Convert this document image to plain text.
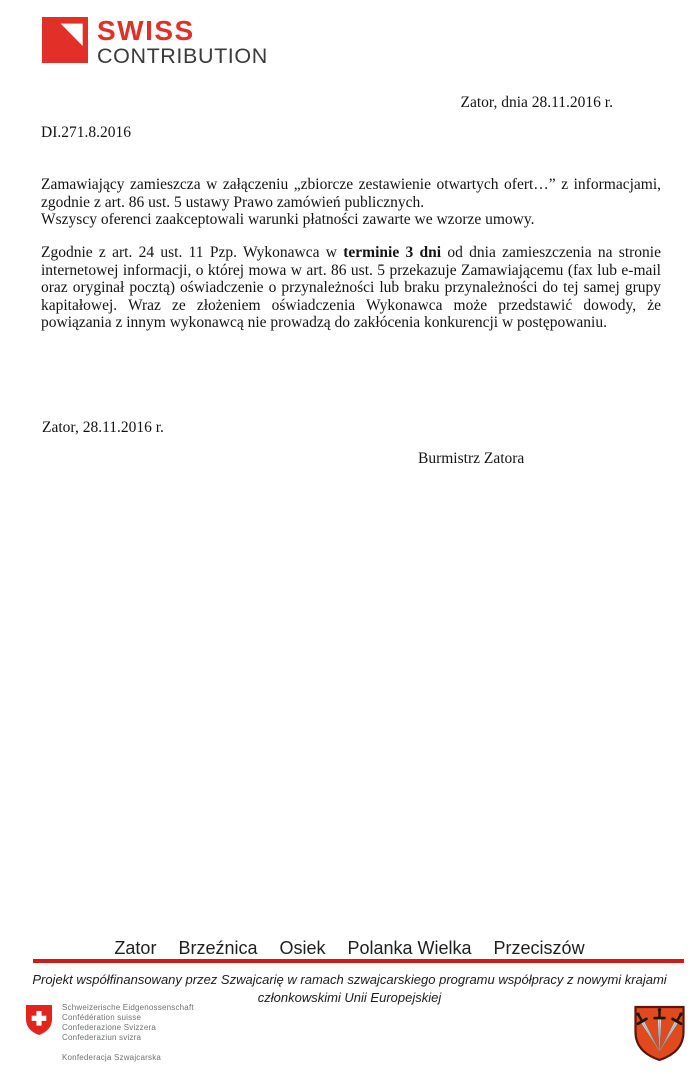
SWISS
CONTRIBUTION
Zator, dnia 28.11.2016 r.
DI.271.8.2016
Zamawiający zamieszcza w załączeniu „zbiorcze zestawienie otwartych ofert…” z informacjami, zgodnie z art. 86 ust. 5 ustawy Prawo zamówień publicznych.
Wszyscy oferenci zaakceptowali warunki płatności zawarte we wzorze umowy.
Zgodnie z art. 24 ust. 11 Pzp. Wykonawca w terminie 3 dni od dnia zamieszczenia na stronie internetowej informacji, o której mowa w art. 86 ust. 5 przekazuje Zamawiającemu (fax lub e-mail oraz oryginał pocztą) oświadczenie o przynależności lub braku przynależności do tej samej grupy kapitałowej. Wraz ze złożeniem oświadczenia Wykonawca może przedstawić dowody, że powiązania z innym wykonawcą nie prowadzą do zakłócenia konkurencji w postępowaniu.
Zator, 28.11.2016 r.
Burmistrz Zatora
Zator Brzeźnica Osiek Polanka Wielka Przeciszów
Projekt współfinansowany przez Szwajcarię w ramach szwajcarskiego programu współpracy z nowymi krajami
członkowskimi Unii Europejskiej
Schweizerische Eidgenossenschaft
Confédération suisse
Confederazione Svizzera
Confederaziun svizra
Konfederacja Szwajcarska
